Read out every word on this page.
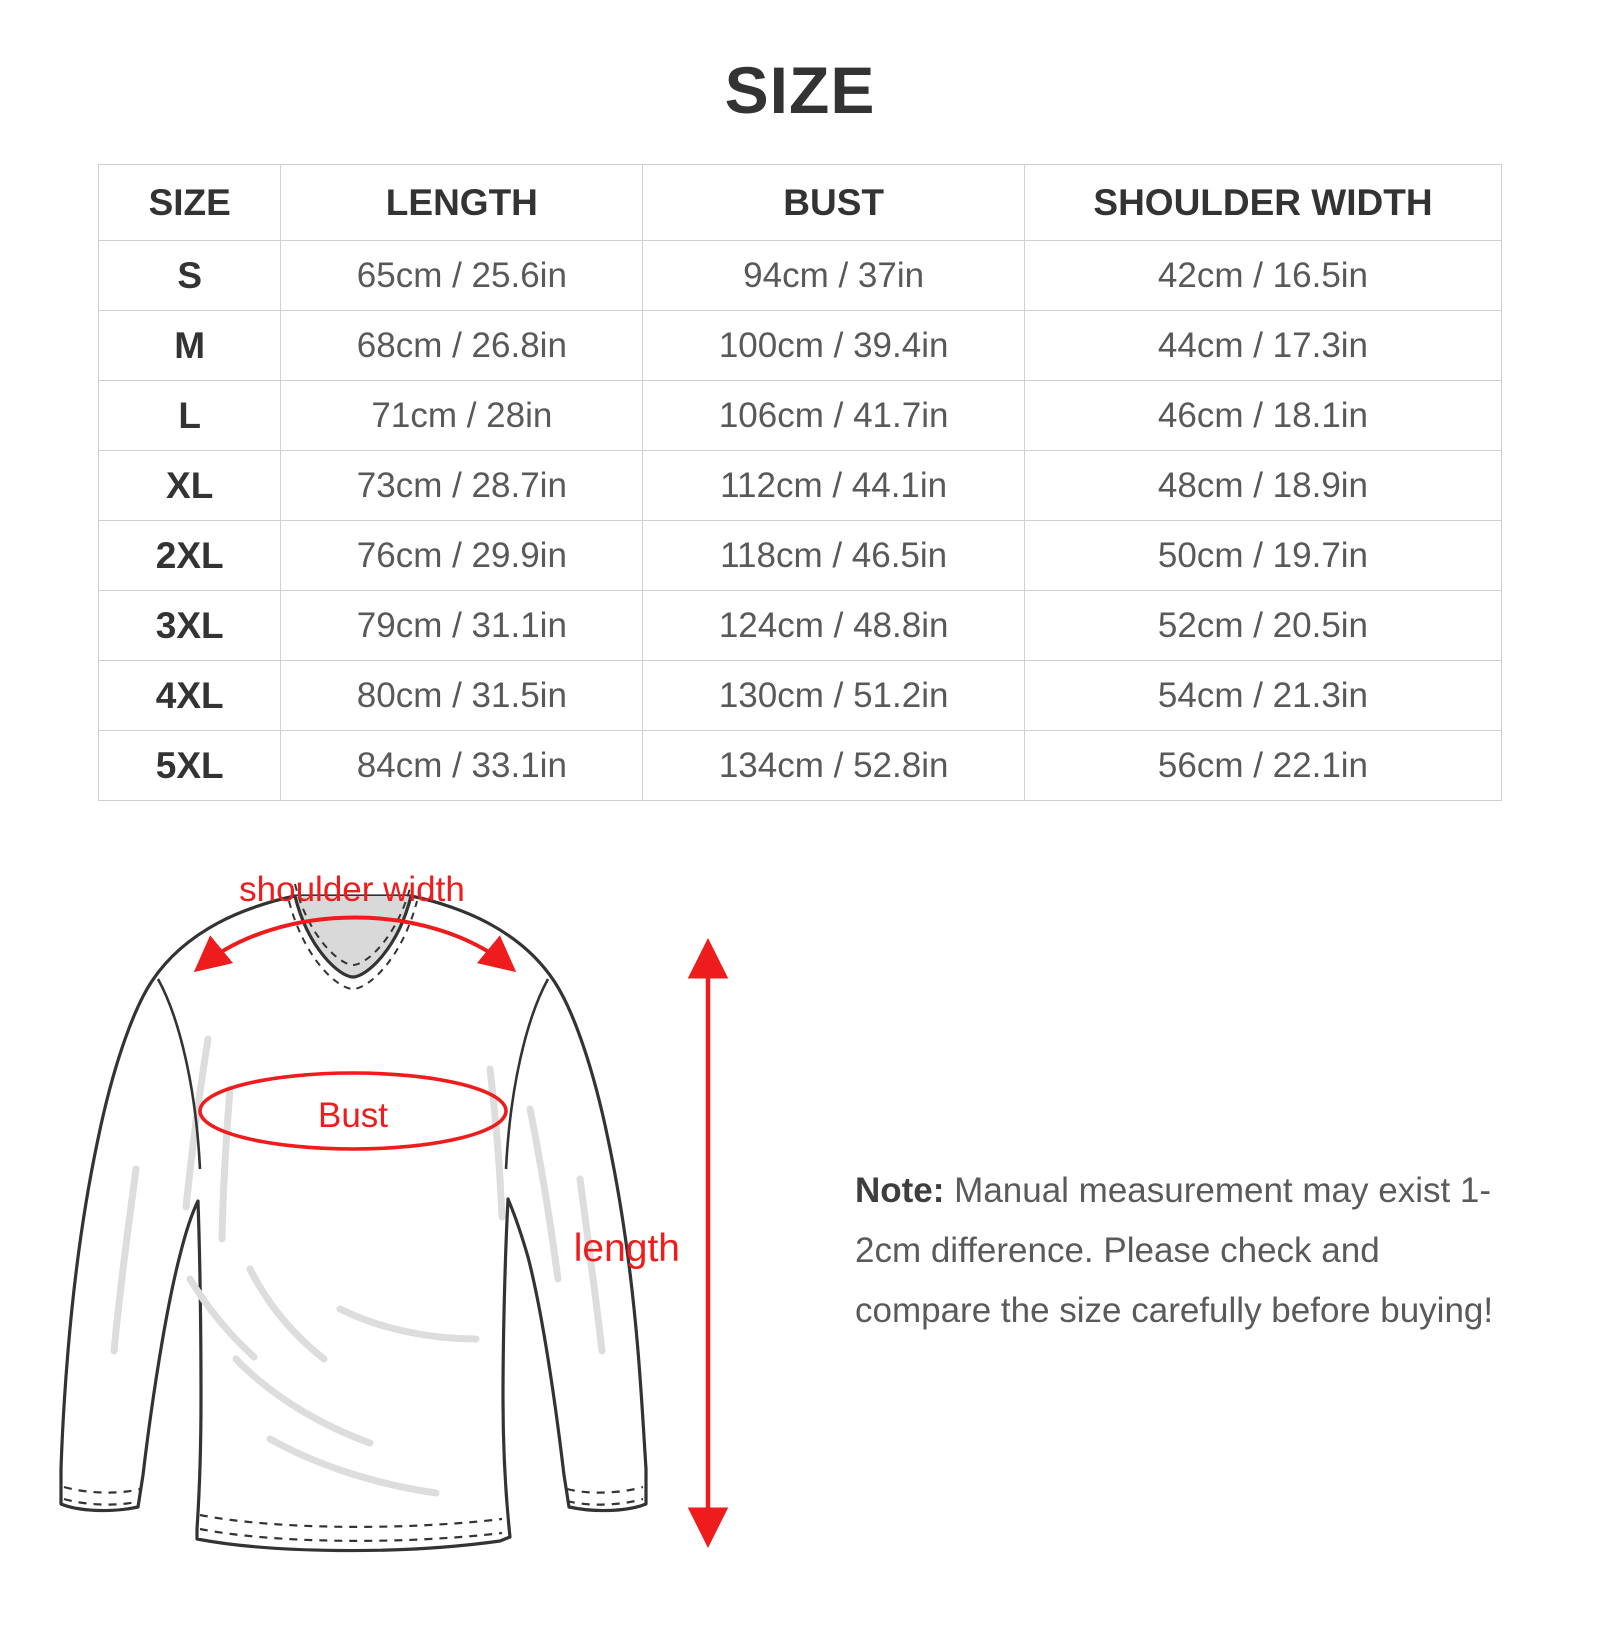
SIZE
SIZE	LENGTH	BUST	SHOULDER WIDTH
S	65cm / 25.6in	94cm / 37in	42cm / 16.5in
M	68cm / 26.8in	100cm / 39.4in	44cm / 17.3in
L	71cm / 28in	106cm / 41.7in	46cm / 18.1in
XL	73cm / 28.7in	112cm / 44.1in	48cm / 18.9in
2XL	76cm / 29.9in	118cm / 46.5in	50cm / 19.7in
3XL	79cm / 31.1in	124cm / 48.8in	52cm / 20.5in
4XL	80cm / 31.5in	130cm / 51.2in	54cm / 21.3in
5XL	84cm / 33.1in	134cm / 52.8in	56cm / 22.1in
shoulder width
Bust
length
Note: Manual measurement may exist 1-2cm difference. Please check and compare the size carefully before buying!
